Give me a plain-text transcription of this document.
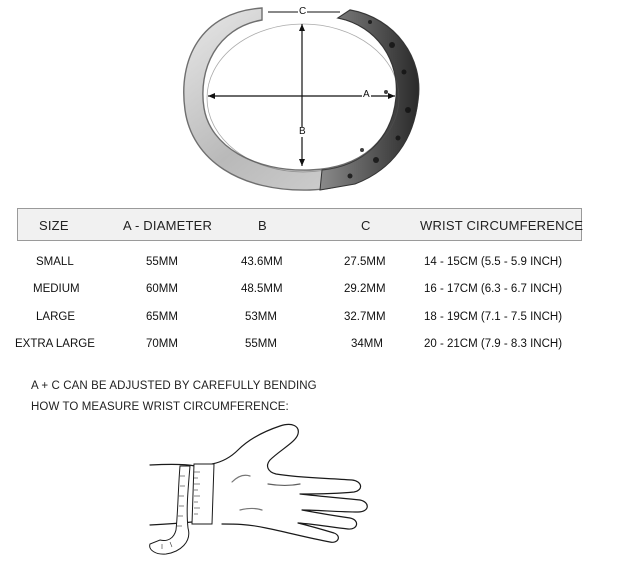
C
A
B
SIZE	A - DIAMETER	B	C	WRIST CIRCUMFERENCE
SMALL	55MM	43.6MM	27.5MM	14 - 15CM (5.5 - 5.9 INCH)
MEDIUM	60MM	48.5MM	29.2MM	16 - 17CM (6.3 - 6.7 INCH)
LARGE	65MM	53MM	32.7MM	18 - 19CM (7.1 - 7.5 INCH)
EXTRA LARGE	70MM	55MM	34MM	20 - 21CM (7.9 - 8.3 INCH)
A + C CAN BE ADJUSTED BY CAREFULLY BENDING
HOW TO MEASURE WRIST CIRCUMFERENCE:
